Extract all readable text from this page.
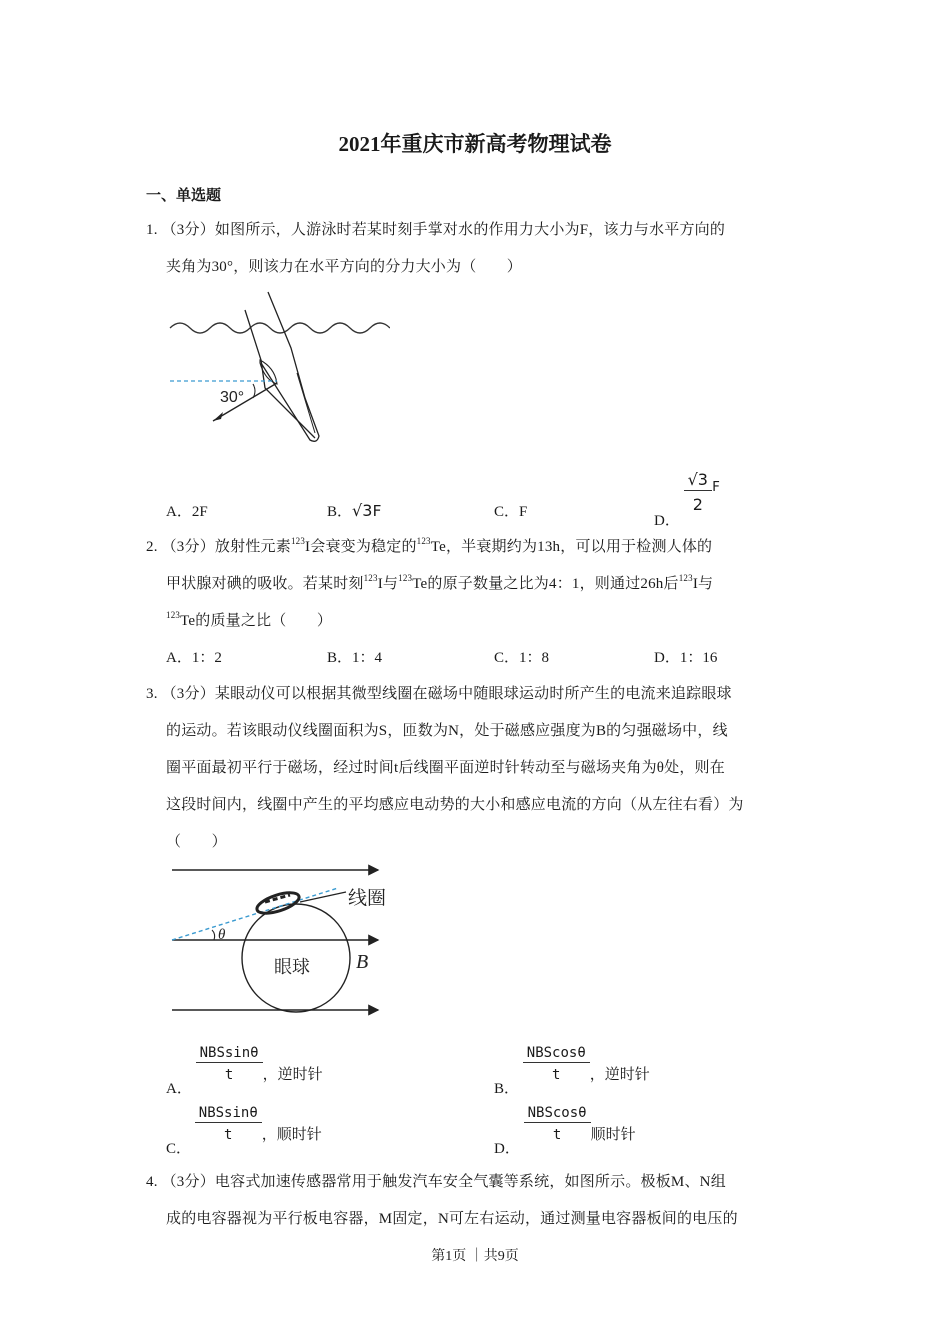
2021年重庆市新高考物理试卷
一、单选题
1. （3分）如图所示，人游泳时若某时刻手掌对水的作用力大小为F，该力与水平方向的
夹角为30°，则该力在水平方向的分力大小为（　　）
30°
A．2F	B．√3F	C．F
D．
$\frac{√3}{2}$ F
2. （3分）放射性元素$^{123}$I会衰变为稳定的$^{123}$Te，半衰期约为13h，可以用于检测人体的
甲状腺对碘的吸收。若某时刻$^{123}$I与$^{123}$Te的原子数量之比为4：1，则通过26h后$^{123}$I与
$^{123}$Te的质量之比（　　）
A．1：2	B．1：4	C．1：8	D．1：16
3. （3分）某眼动仪可以根据其微型线圈在磁场中随眼球运动时所产生的电流来追踪眼球
的运动。若该眼动仪线圈面积为S，匝数为N，处于磁感应强度为B的匀强磁场中，线
圈平面最初平行于磁场，经过时间t后线圈平面逆时针转动至与磁场夹角为θ处，则在
这段时间内，线圈中产生的平均感应电动势的大小和感应电流的方向（从左往右看）为
（　　）
θ
线圈
眼球 B
A．
$\frac{\text{NBSsinθ}}{t}$ ，逆时针
B．
$\frac{\text{NBScosθ}}{t}$ ，逆时针
C．
$\frac{\text{NBSsinθ}}{t}$ ，顺时针
D．
$\frac{\text{NBScosθ}}{t}$ 顺时针
4. （3分）电容式加速传感器常用于触发汽车安全气囊等系统，如图所示。极板M、N组
成的电容器视为平行板电容器，M固定，N可左右运动，通过测量电容器板间的电压的
第1页 ｜共9页
